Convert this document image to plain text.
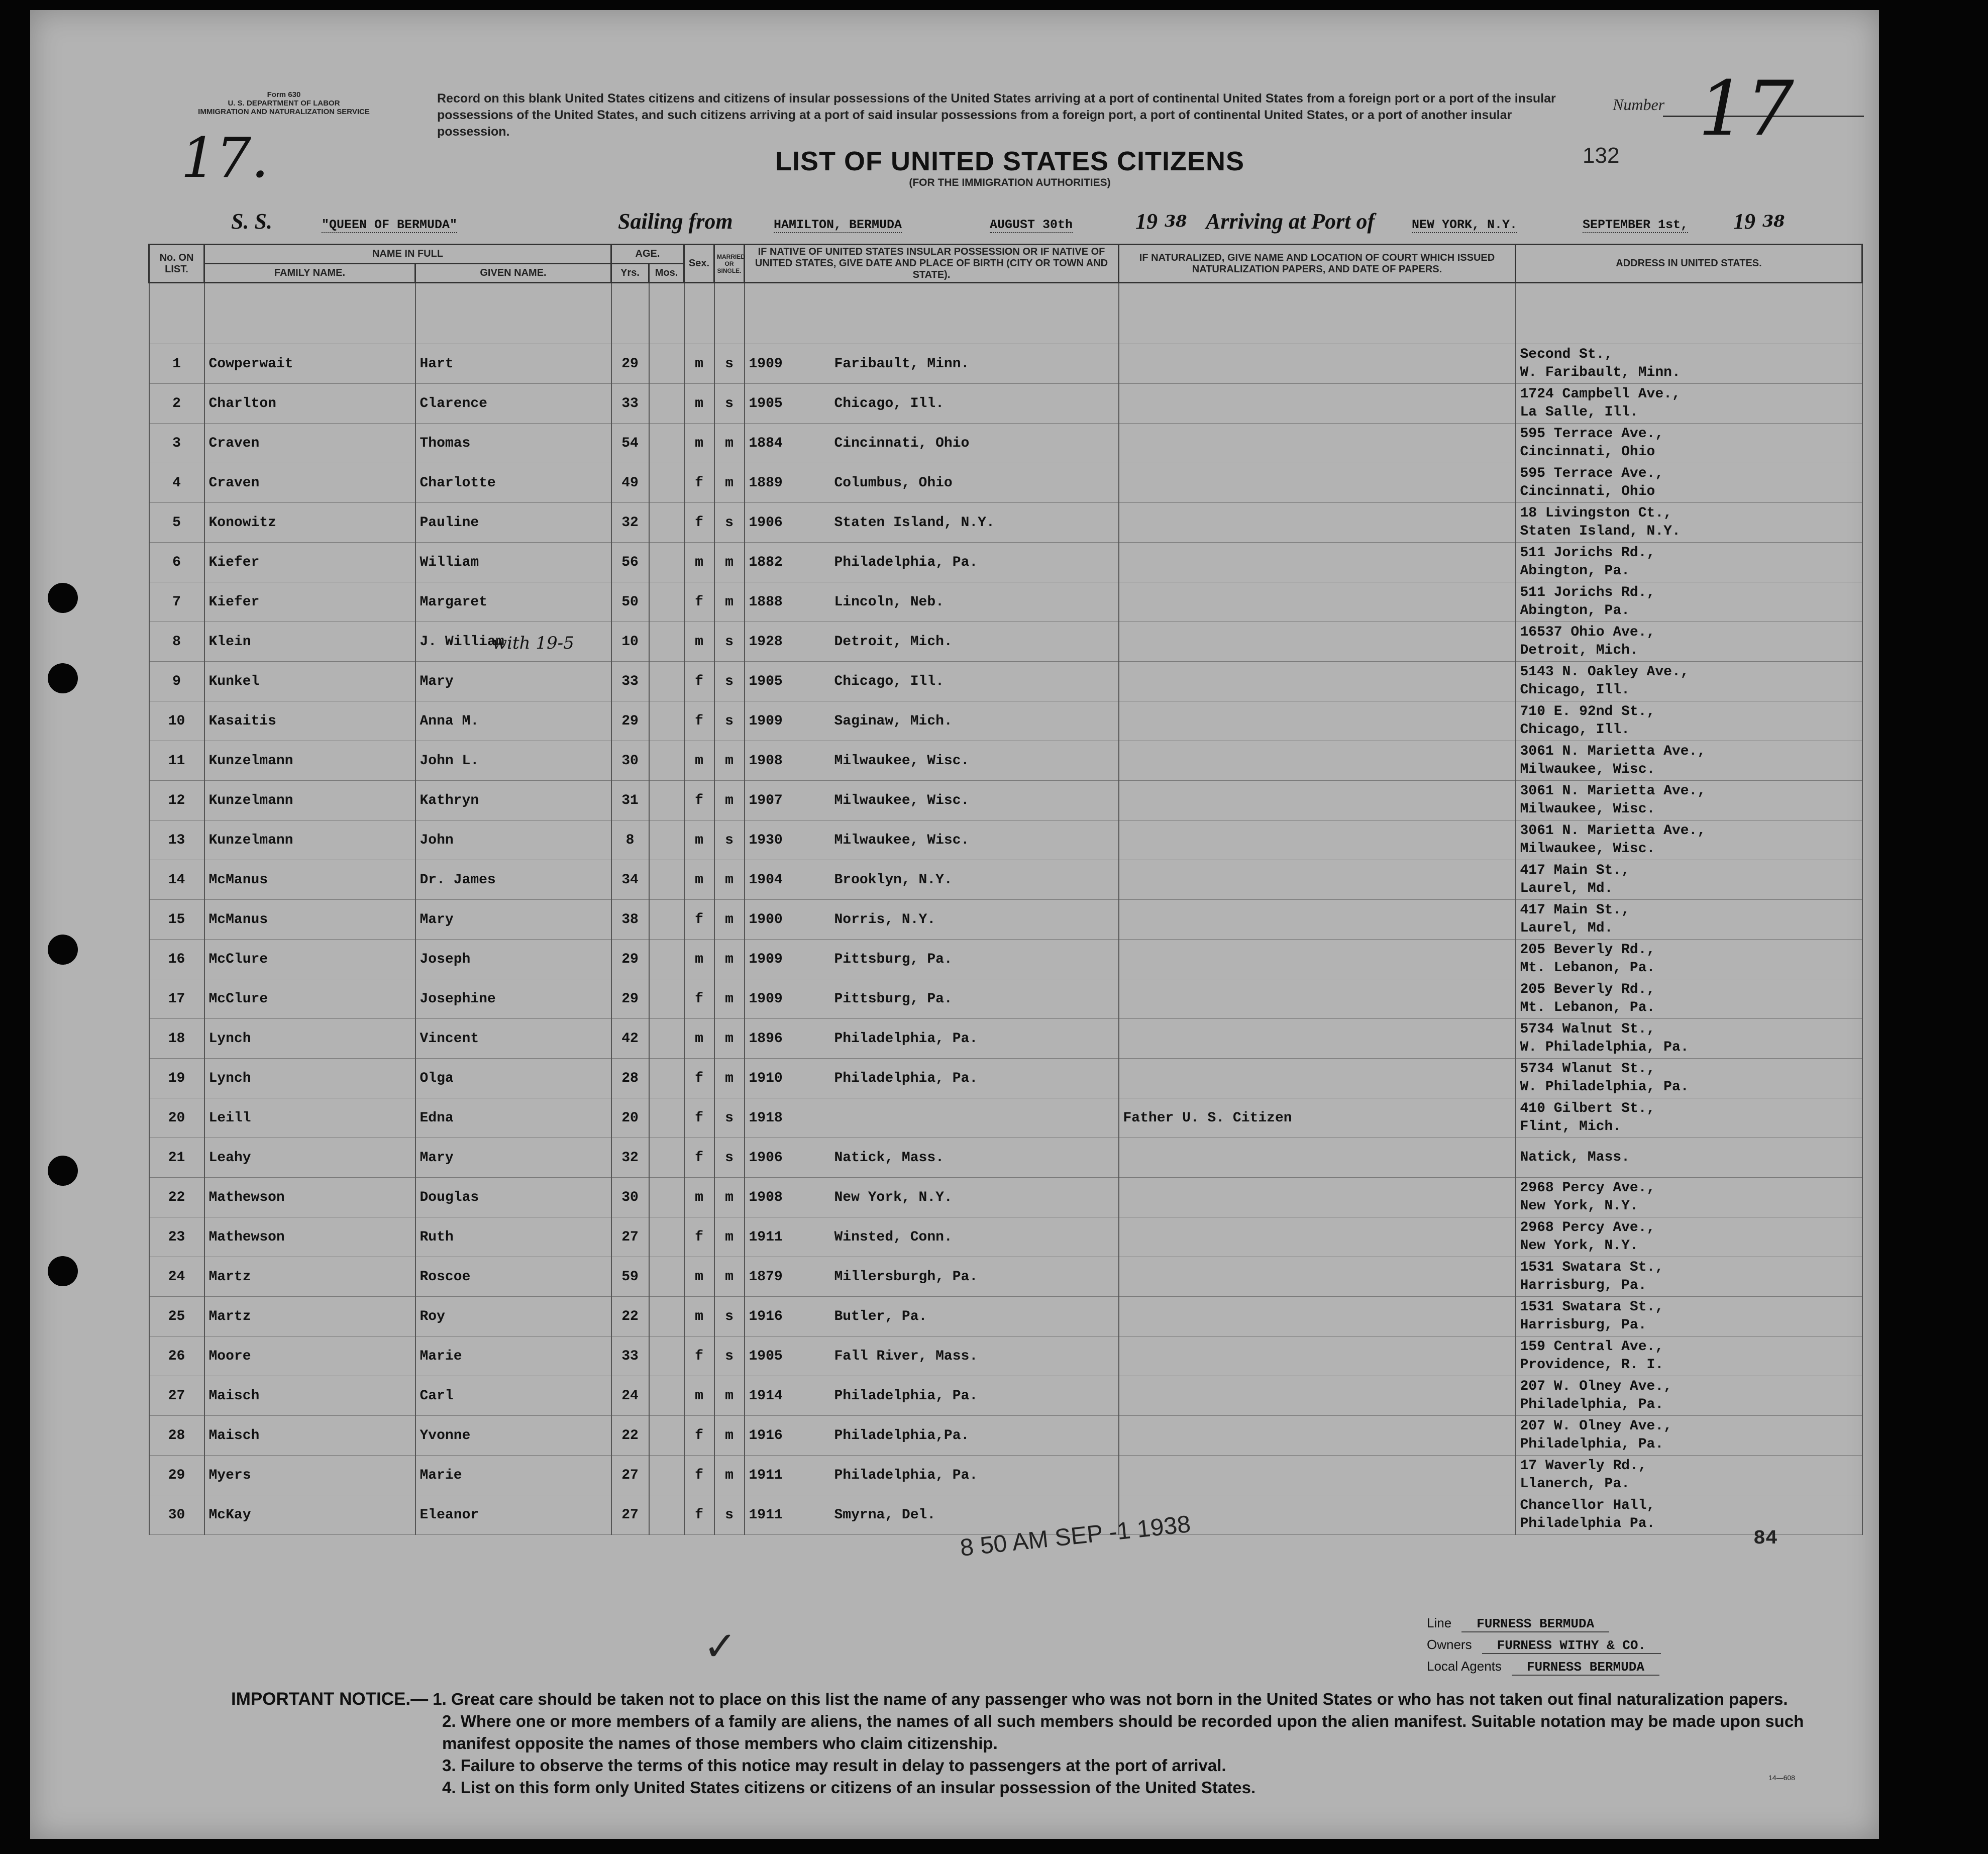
Form 630
U. S. DEPARTMENT OF LABOR
IMMIGRATION AND NATURALIZATION SERVICE
17.
Record on this blank United States citizens and citizens of insular possessions of the United States arriving at a port of continental United States from a foreign port or a port of the insular possessions of the United States, and such citizens arriving at a port of said insular possessions from a foreign port, a port of continental United States, or a port of another insular possession.
Number 17
LIST OF UNITED STATES CITIZENS
(FOR THE IMMIGRATION AUTHORITIES)
132
S. S.	"QUEEN OF BERMUDA"	Sailing from	HAMILTON, BERMUDA	AUGUST 30th	19 38 Arriving at Port of	NEW YORK, N.Y.	SEPTEMBER 1st, 19 38
No. ON LIST.	NAME IN FULL		AGE.		Sex.	MARRIED OR SINGLE.	IF NATIVE OF UNITED STATES INSULAR POSSESSION OR IF NATIVE OF UNITED STATES, GIVE DATE AND PLACE OF BIRTH (CITY OR TOWN AND STATE).	IF NATURALIZED, GIVE NAME AND LOCATION OF COURT WHICH ISSUED NATURALIZATION PAPERS, AND DATE OF PAPERS.	ADDRESS IN UNITED STATES.
	FAMILY NAME.	GIVEN NAME.	Yrs.	Mos.					

1	Cowperwait	Hart	29		m	s	1909 Faribault, Minn.		Second St.,
W. Faribault, Minn.

2	Charlton	Clarence	33		m	s	1905 Chicago, Ill.		1724 Campbell Ave.,
La Salle, Ill.

3	Craven	Thomas	54		m	m	1884 Cincinnati, Ohio		595 Terrace Ave.,
Cincinnati, Ohio

4	Craven	Charlotte	49		f	m	1889 Columbus, Ohio		595 Terrace Ave.,
Cincinnati, Ohio

5	Konowitz	Pauline	32		f	s	1906 Staten Island, N.Y.		18 Livingston Ct.,
Staten Island, N.Y.

6	Kiefer	William	56		m	m	1882 Philadelphia, Pa.		511 Jorichs Rd.,
Abington, Pa.

7	Kiefer	Margaret	50		f	m	1888 Lincoln, Neb.		511 Jorichs Rd.,
Abington, Pa.

8	Klein	J. William	10		m	s	1928 Detroit, Mich.		16537 Ohio Ave.,
Detroit, Mich.

9	Kunkel	Mary	33		f	s	1905 Chicago, Ill.		5143 N. Oakley Ave.,
Chicago, Ill.

10	Kasaitis	Anna M.	29		f	s	1909 Saginaw, Mich.		710 E. 92nd St.,
Chicago, Ill.

11	Kunzelmann	John L.	30		m	m	1908 Milwaukee, Wisc.		3061 N. Marietta Ave.,
Milwaukee, Wisc.

12	Kunzelmann	Kathryn	31		f	m	1907 Milwaukee, Wisc.		3061 N. Marietta Ave.,
Milwaukee, Wisc.

13	Kunzelmann	John	8		m	s	1930 Milwaukee, Wisc.		3061 N. Marietta Ave.,
Milwaukee, Wisc.

14	McManus	Dr. James	34		m	m	1904 Brooklyn, N.Y.		417 Main St.,
Laurel, Md.

15	McManus	Mary	38		f	m	1900 Norris, N.Y.		417 Main St.,
Laurel, Md.

16	McClure	Joseph	29		m	m	1909 Pittsburg, Pa.		205 Beverly Rd.,
Mt. Lebanon, Pa.

17	McClure	Josephine	29		f	m	1909 Pittsburg, Pa.		205 Beverly Rd.,
Mt. Lebanon, Pa.

18	Lynch	Vincent	42		m	m	1896 Philadelphia, Pa.		5734 Walnut St.,
W. Philadelphia, Pa.

19	Lynch	Olga	28		f	m	1910 Philadelphia, Pa.		5734 Wlanut St.,
W. Philadelphia, Pa.

20	Leill	Edna	20		f	s	1918	Father U. S. Citizen	410 Gilbert St.,
Flint, Mich.

21	Leahy	Mary	32		f	s	1906 Natick, Mass.		Natick, Mass.

22	Mathewson	Douglas	30		m	m	1908 New York, N.Y.		2968 Percy Ave.,
New York, N.Y.

23	Mathewson	Ruth	27		f	m	1911 Winsted, Conn.		2968 Percy Ave.,
New York, N.Y.

24	Martz	Roscoe	59		m	m	1879 Millersburgh, Pa.		1531 Swatara St.,
Harrisburg, Pa.

25	Martz	Roy	22		m	s	1916 Butler, Pa.		1531 Swatara St.,
Harrisburg, Pa.

26	Moore	Marie	33		f	s	1905 Fall River, Mass.		159 Central Ave.,
Providence, R. I.

27	Maisch	Carl	24		m	m	1914 Philadelphia, Pa.		207 W. Olney Ave.,
Philadelphia, Pa.

28	Maisch	Yvonne	22		f	m	1916 Philadelphia,Pa.		207 W. Olney Ave.,
Philadelphia, Pa.

29	Myers	Marie	27		f	m	1911 Philadelphia, Pa.		17 Waverly Rd.,
Llanerch, Pa.

30	McKay	Eleanor	27		f	s	1911 Smyrna, Del.		Chancellor Hall,
Philadelphia Pa.
with 19-5
8 50 AM SEP -1 1938	84
✓
Line FURNESS BERMUDA
Owners FURNESS WITHY & CO.
Local Agents FURNESS BERMUDA
IMPORTANT NOTICE.— 1. Great care should be taken not to place on this list the name of any passenger who was not born in the United States or who has not taken out final naturalization papers.
2. Where one or more members of a family are aliens, the names of all such members should be recorded upon the alien manifest. Suitable notation may be made upon such manifest opposite the names of those members who claim citizenship.
3. Failure to observe the terms of this notice may result in delay to passengers at the port of arrival.
4. List on this form only United States citizens or citizens of an insular possession of the United States.
14—608
